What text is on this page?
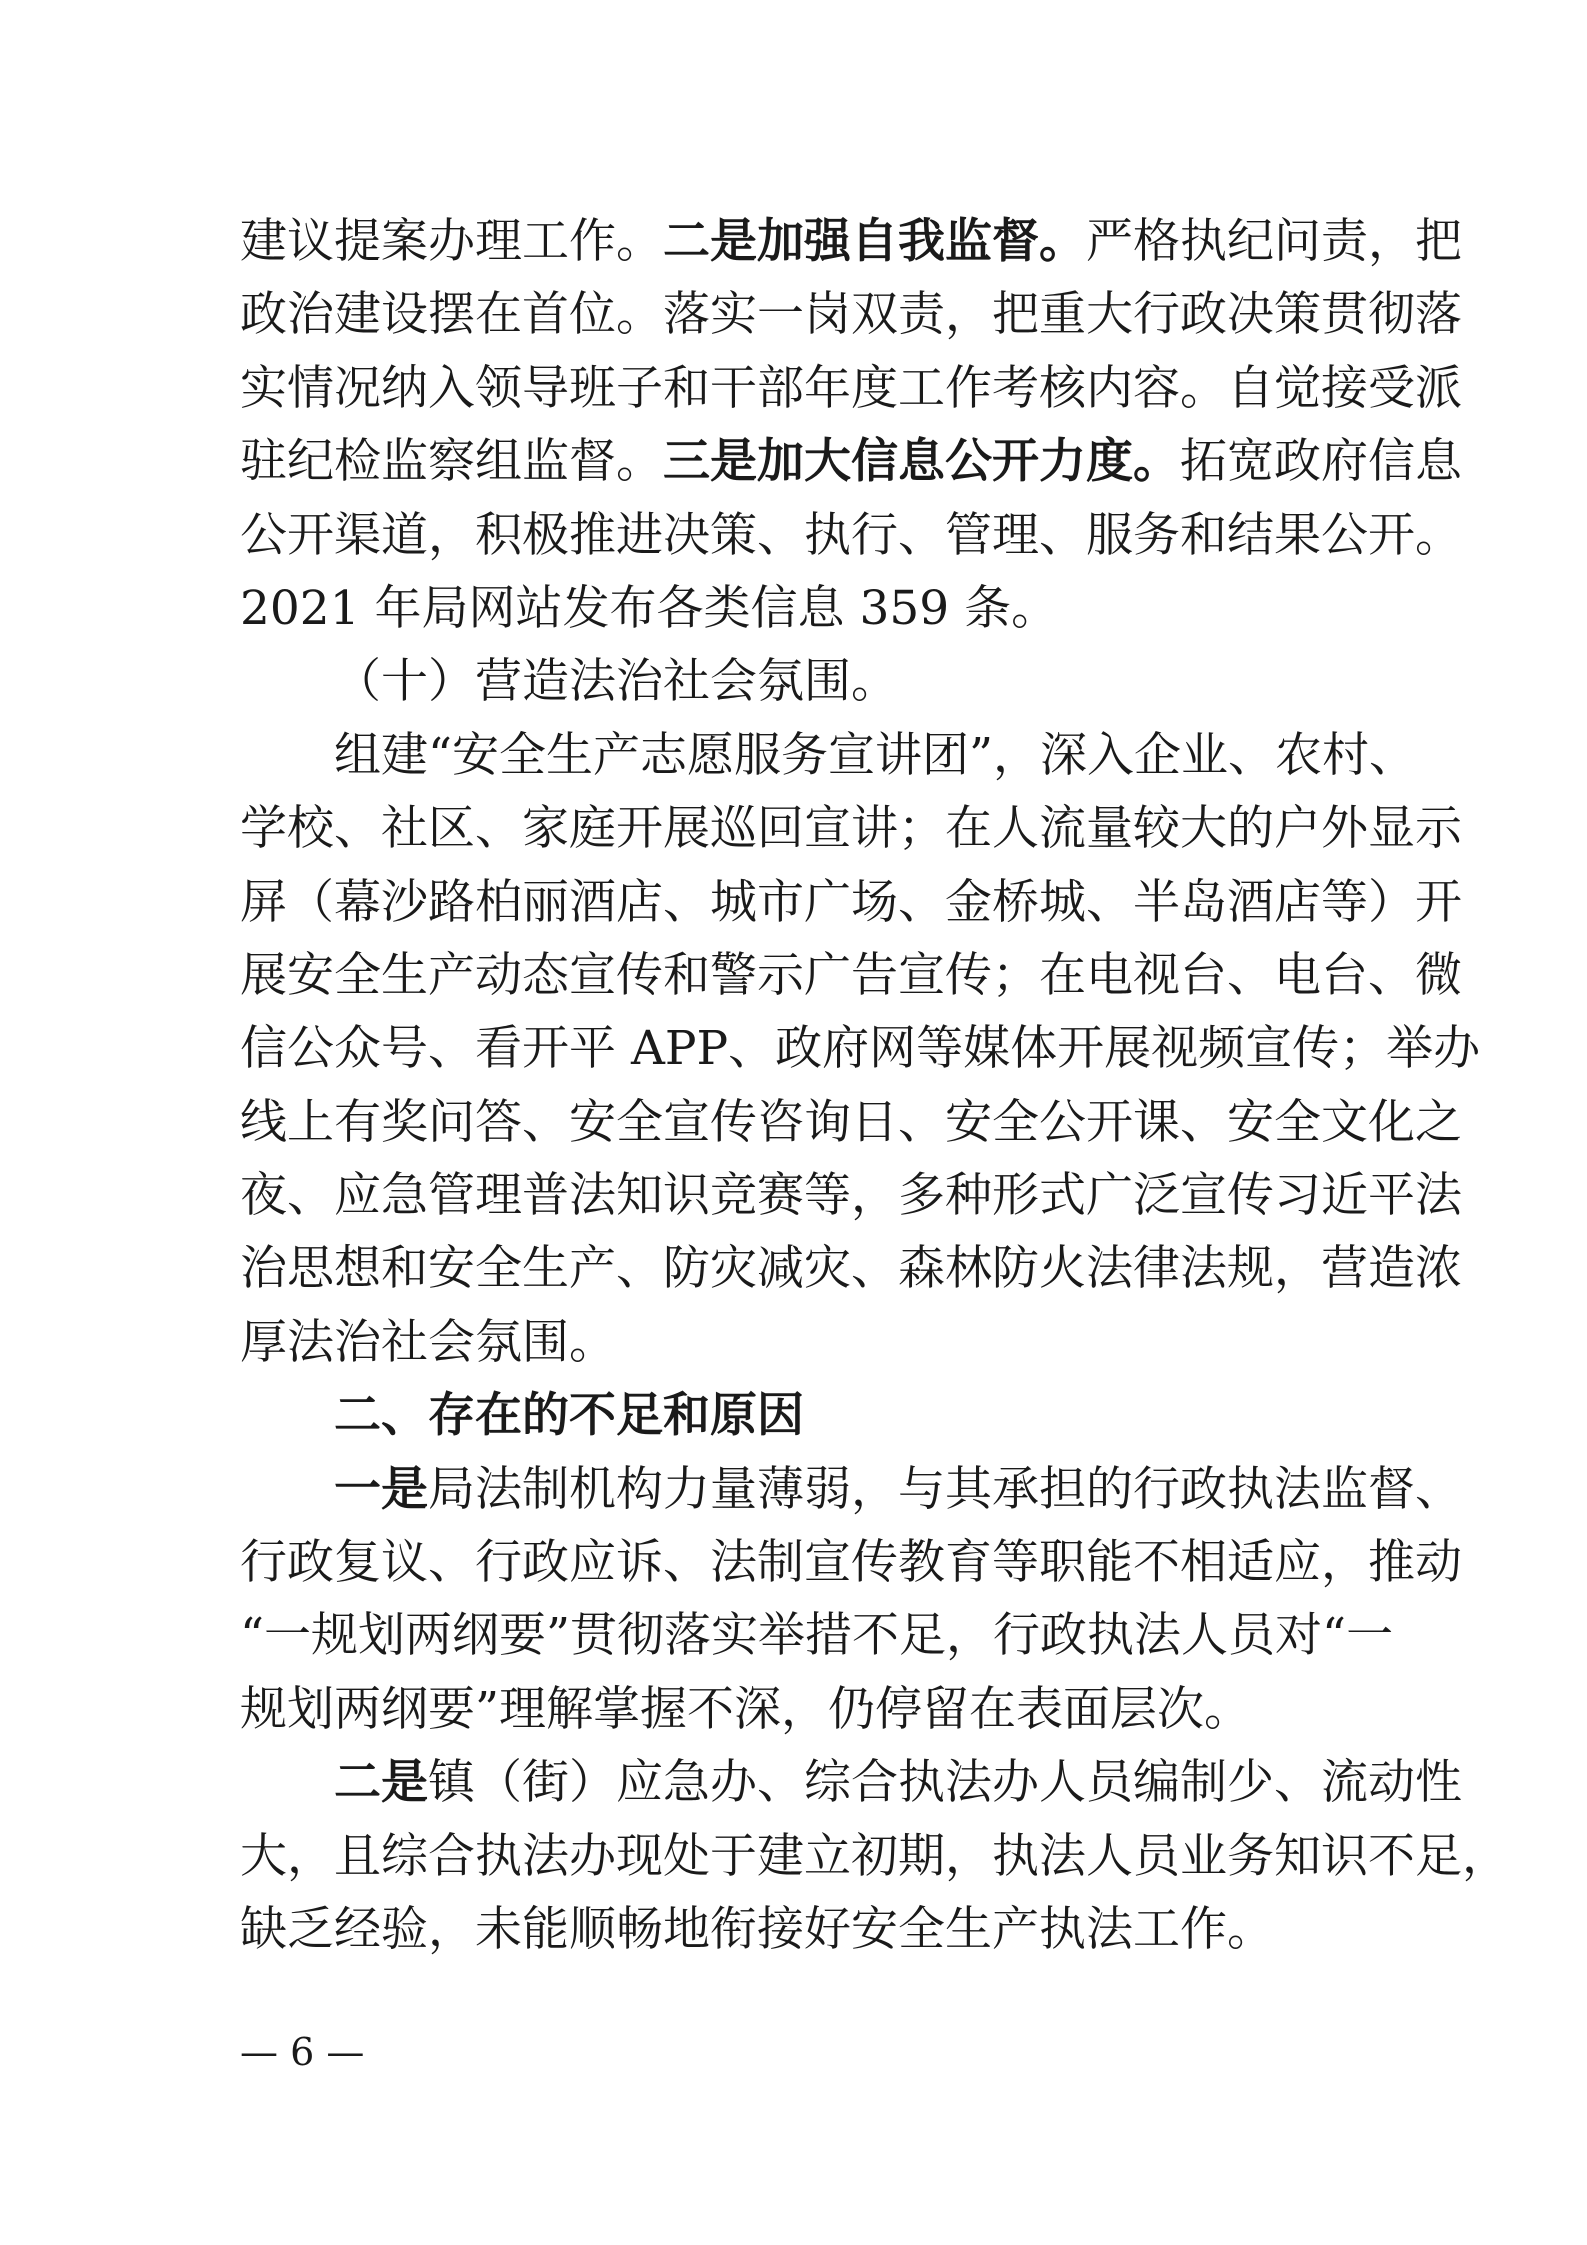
建议提案办理工作。二是加强自我监督。严格执纪问责，把
政治建设摆在首位。落实一岗双责，把重大行政决策贯彻落
实情况纳入领导班子和干部年度工作考核内容。自觉接受派
驻纪检监察组监督。三是加大信息公开力度。拓宽政府信息
公开渠道，积极推进决策、执行、管理、服务和结果公开。
2021 年局网站发布各类信息 359 条。
（十）营造法治社会氛围。
组建“安全生产志愿服务宣讲团”，深入企业、农村、
学校、社区、家庭开展巡回宣讲；在人流量较大的户外显示
屏（幕沙路柏丽酒店、城市广场、金桥城、半岛酒店等）开
展安全生产动态宣传和警示广告宣传；在电视台、电台、微
信公众号、看开平 APP、政府网等媒体开展视频宣传；举办
线上有奖问答、安全宣传咨询日、安全公开课、安全文化之
夜、应急管理普法知识竞赛等，多种形式广泛宣传习近平法
治思想和安全生产、防灾减灾、森林防火法律法规，营造浓
厚法治社会氛围。
二、存在的不足和原因
一是局法制机构力量薄弱，与其承担的行政执法监督、
行政复议、行政应诉、法制宣传教育等职能不相适应，推动
“一规划两纲要”贯彻落实举措不足，行政执法人员对“一
规划两纲要”理解掌握不深，仍停留在表面层次。
二是镇（街）应急办、综合执法办人员编制少、流动性
大，且综合执法办现处于建立初期，执法人员业务知识不足，
缺乏经验，未能顺畅地衔接好安全生产执法工作。
— 6 —
